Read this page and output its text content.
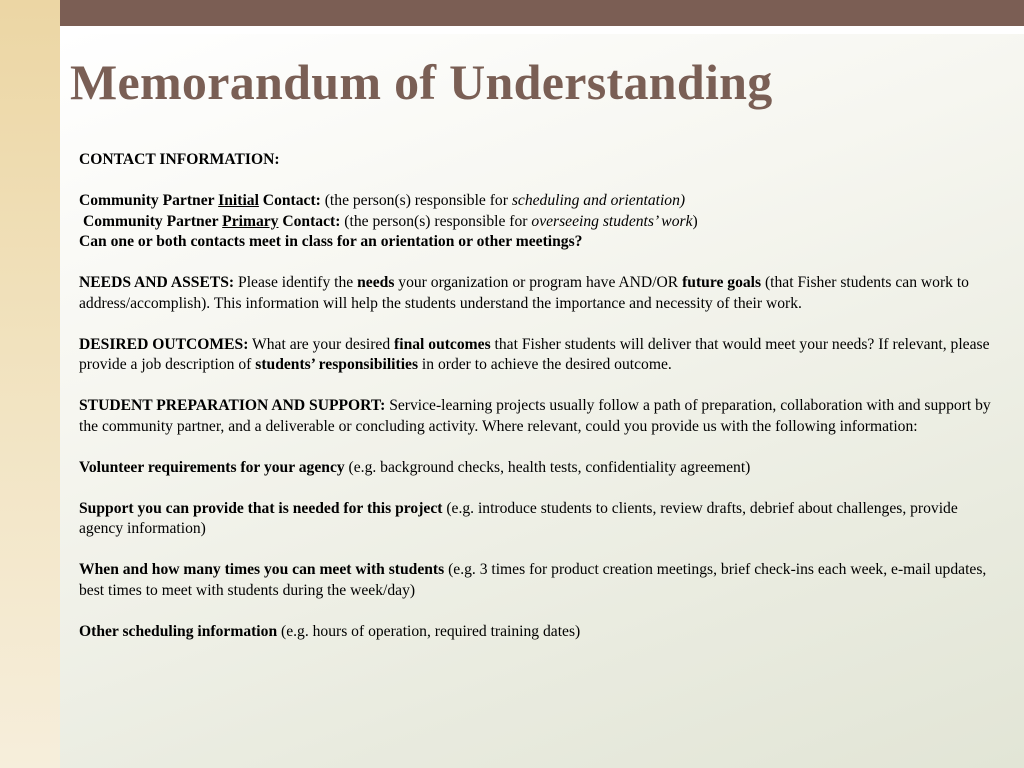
Memorandum of Understanding

CONTACT INFORMATION:

Community Partner Initial Contact: (the person(s) responsible for scheduling and orientation)

Community Partner Primary Contact: (the person(s) responsible for overseeing students’ work)

Can one or both contacts meet in class for an orientation or other meetings?

NEEDS AND ASSETS: Please identify the needs your organization or program have AND/OR future goals (that Fisher students can work to address/accomplish). This information will help the students understand the importance and necessity of their work.

DESIRED OUTCOMES: What are your desired final outcomes that Fisher students will deliver that would meet your needs? If relevant, please provide a job description of students’ responsibilities in order to achieve the desired outcome.

STUDENT PREPARATION AND SUPPORT: Service-learning projects usually follow a path of preparation, collaboration with and support by the community partner, and a deliverable or concluding activity. Where relevant, could you provide us with the following information:

Volunteer requirements for your agency (e.g. background checks, health tests, confidentiality agreement)

Support you can provide that is needed for this project (e.g. introduce students to clients, review drafts, debrief about challenges, provide agency information)

When and how many times you can meet with students (e.g. 3 times for product creation meetings, brief check-ins each week, e-mail updates, best times to meet with students during the week/day)

Other scheduling information (e.g. hours of operation, required training dates)
